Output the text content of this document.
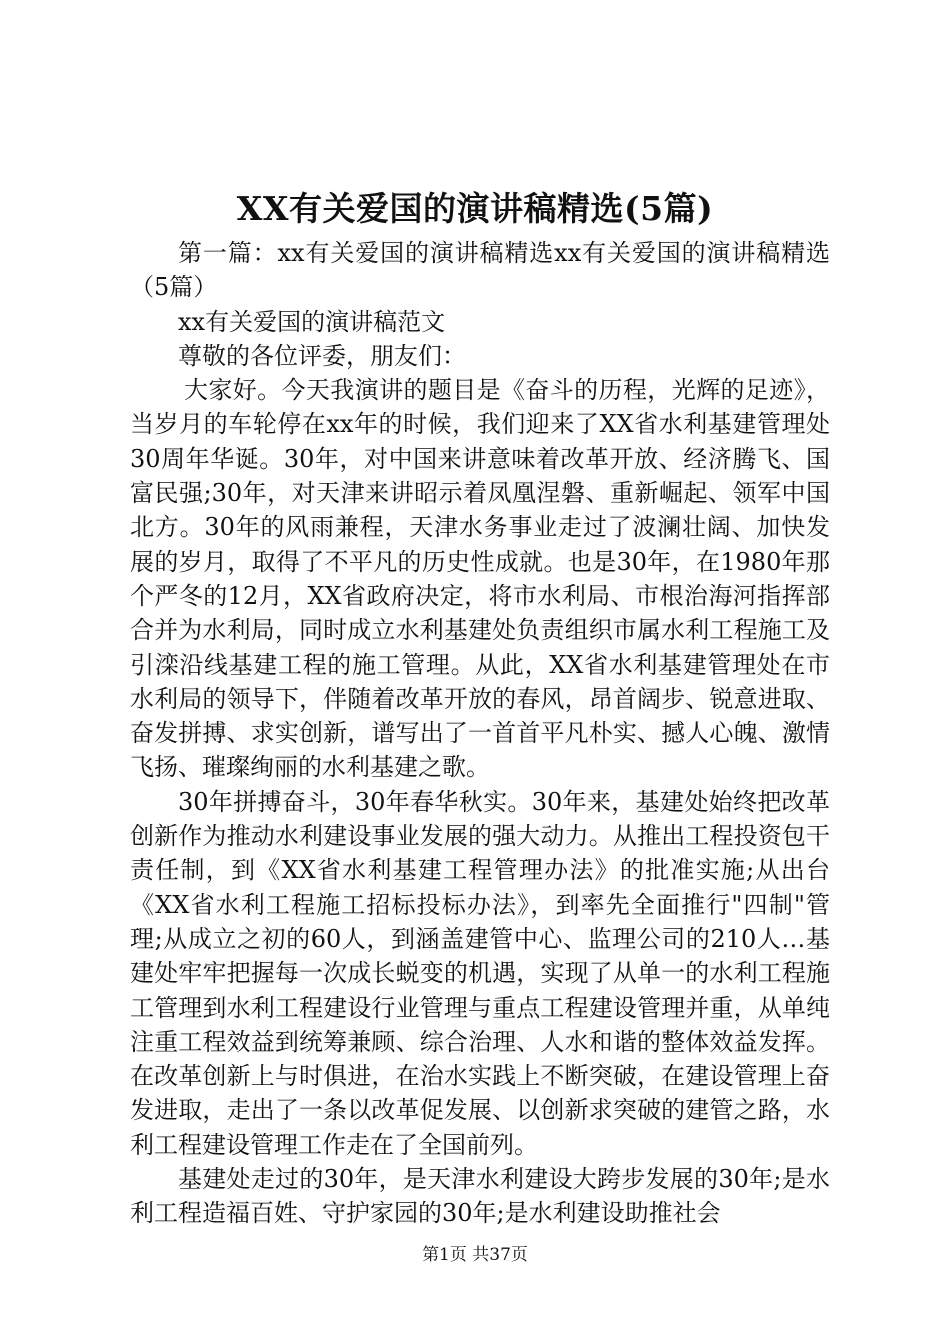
XX有关爱国的演讲稿精选(5篇)

第一篇：xx有关爱国的演讲稿精选xx有关爱国的演讲稿精选（5篇）

xx有关爱国的演讲稿范文

尊敬的各位评委，朋友们：

大家好。今天我演讲的题目是《奋斗的历程，光辉的足迹》，当岁月的车轮停在xx年的时候，我们迎来了XX省水利基建管理处30周年华诞。30年，对中国来讲意味着改革开放、经济腾飞、国富民强;30年，对天津来讲昭示着凤凰涅磐、重新崛起、领军中国北方。30年的风雨兼程，天津水务事业走过了波澜壮阔、加快发展的岁月，取得了不平凡的历史性成就。也是30年，在1980年那个严冬的12月，XX省政府决定，将市水利局、市根治海河指挥部合并为水利局，同时成立水利基建处负责组织市属水利工程施工及引滦沿线基建工程的施工管理。从此，XX省水利基建管理处在市水利局的领导下，伴随着改革开放的春风，昂首阔步、锐意进取、奋发拼搏、求实创新，谱写出了一首首平凡朴实、撼人心魄、激情飞扬、璀璨绚丽的水利基建之歌。

30年拼搏奋斗，30年春华秋实。30年来，基建处始终把改革创新作为推动水利建设事业发展的强大动力。从推出工程投资包干责任制，到《XX省水利基建工程管理办法》的批准实施;从出台《XX省水利工程施工招标投标办法》，到率先全面推行"四制"管理;从成立之初的60人，到涵盖建管中心、监理公司的210人…基建处牢牢把握每一次成长蜕变的机遇，实现了从单一的水利工程施工管理到水利工程建设行业管理与重点工程建设管理并重，从单纯注重工程效益到统筹兼顾、综合治理、人水和谐的整体效益发挥。在改革创新上与时俱进，在治水实践上不断突破，在建设管理上奋发进取，走出了一条以改革促发展、以创新求突破的建管之路，水利工程建设管理工作走在了全国前列。

基建处走过的30年，是天津水利建设大跨步发展的30年;是水利工程造福百姓、守护家园的30年;是水利建设助推社会

第1页 共37页
